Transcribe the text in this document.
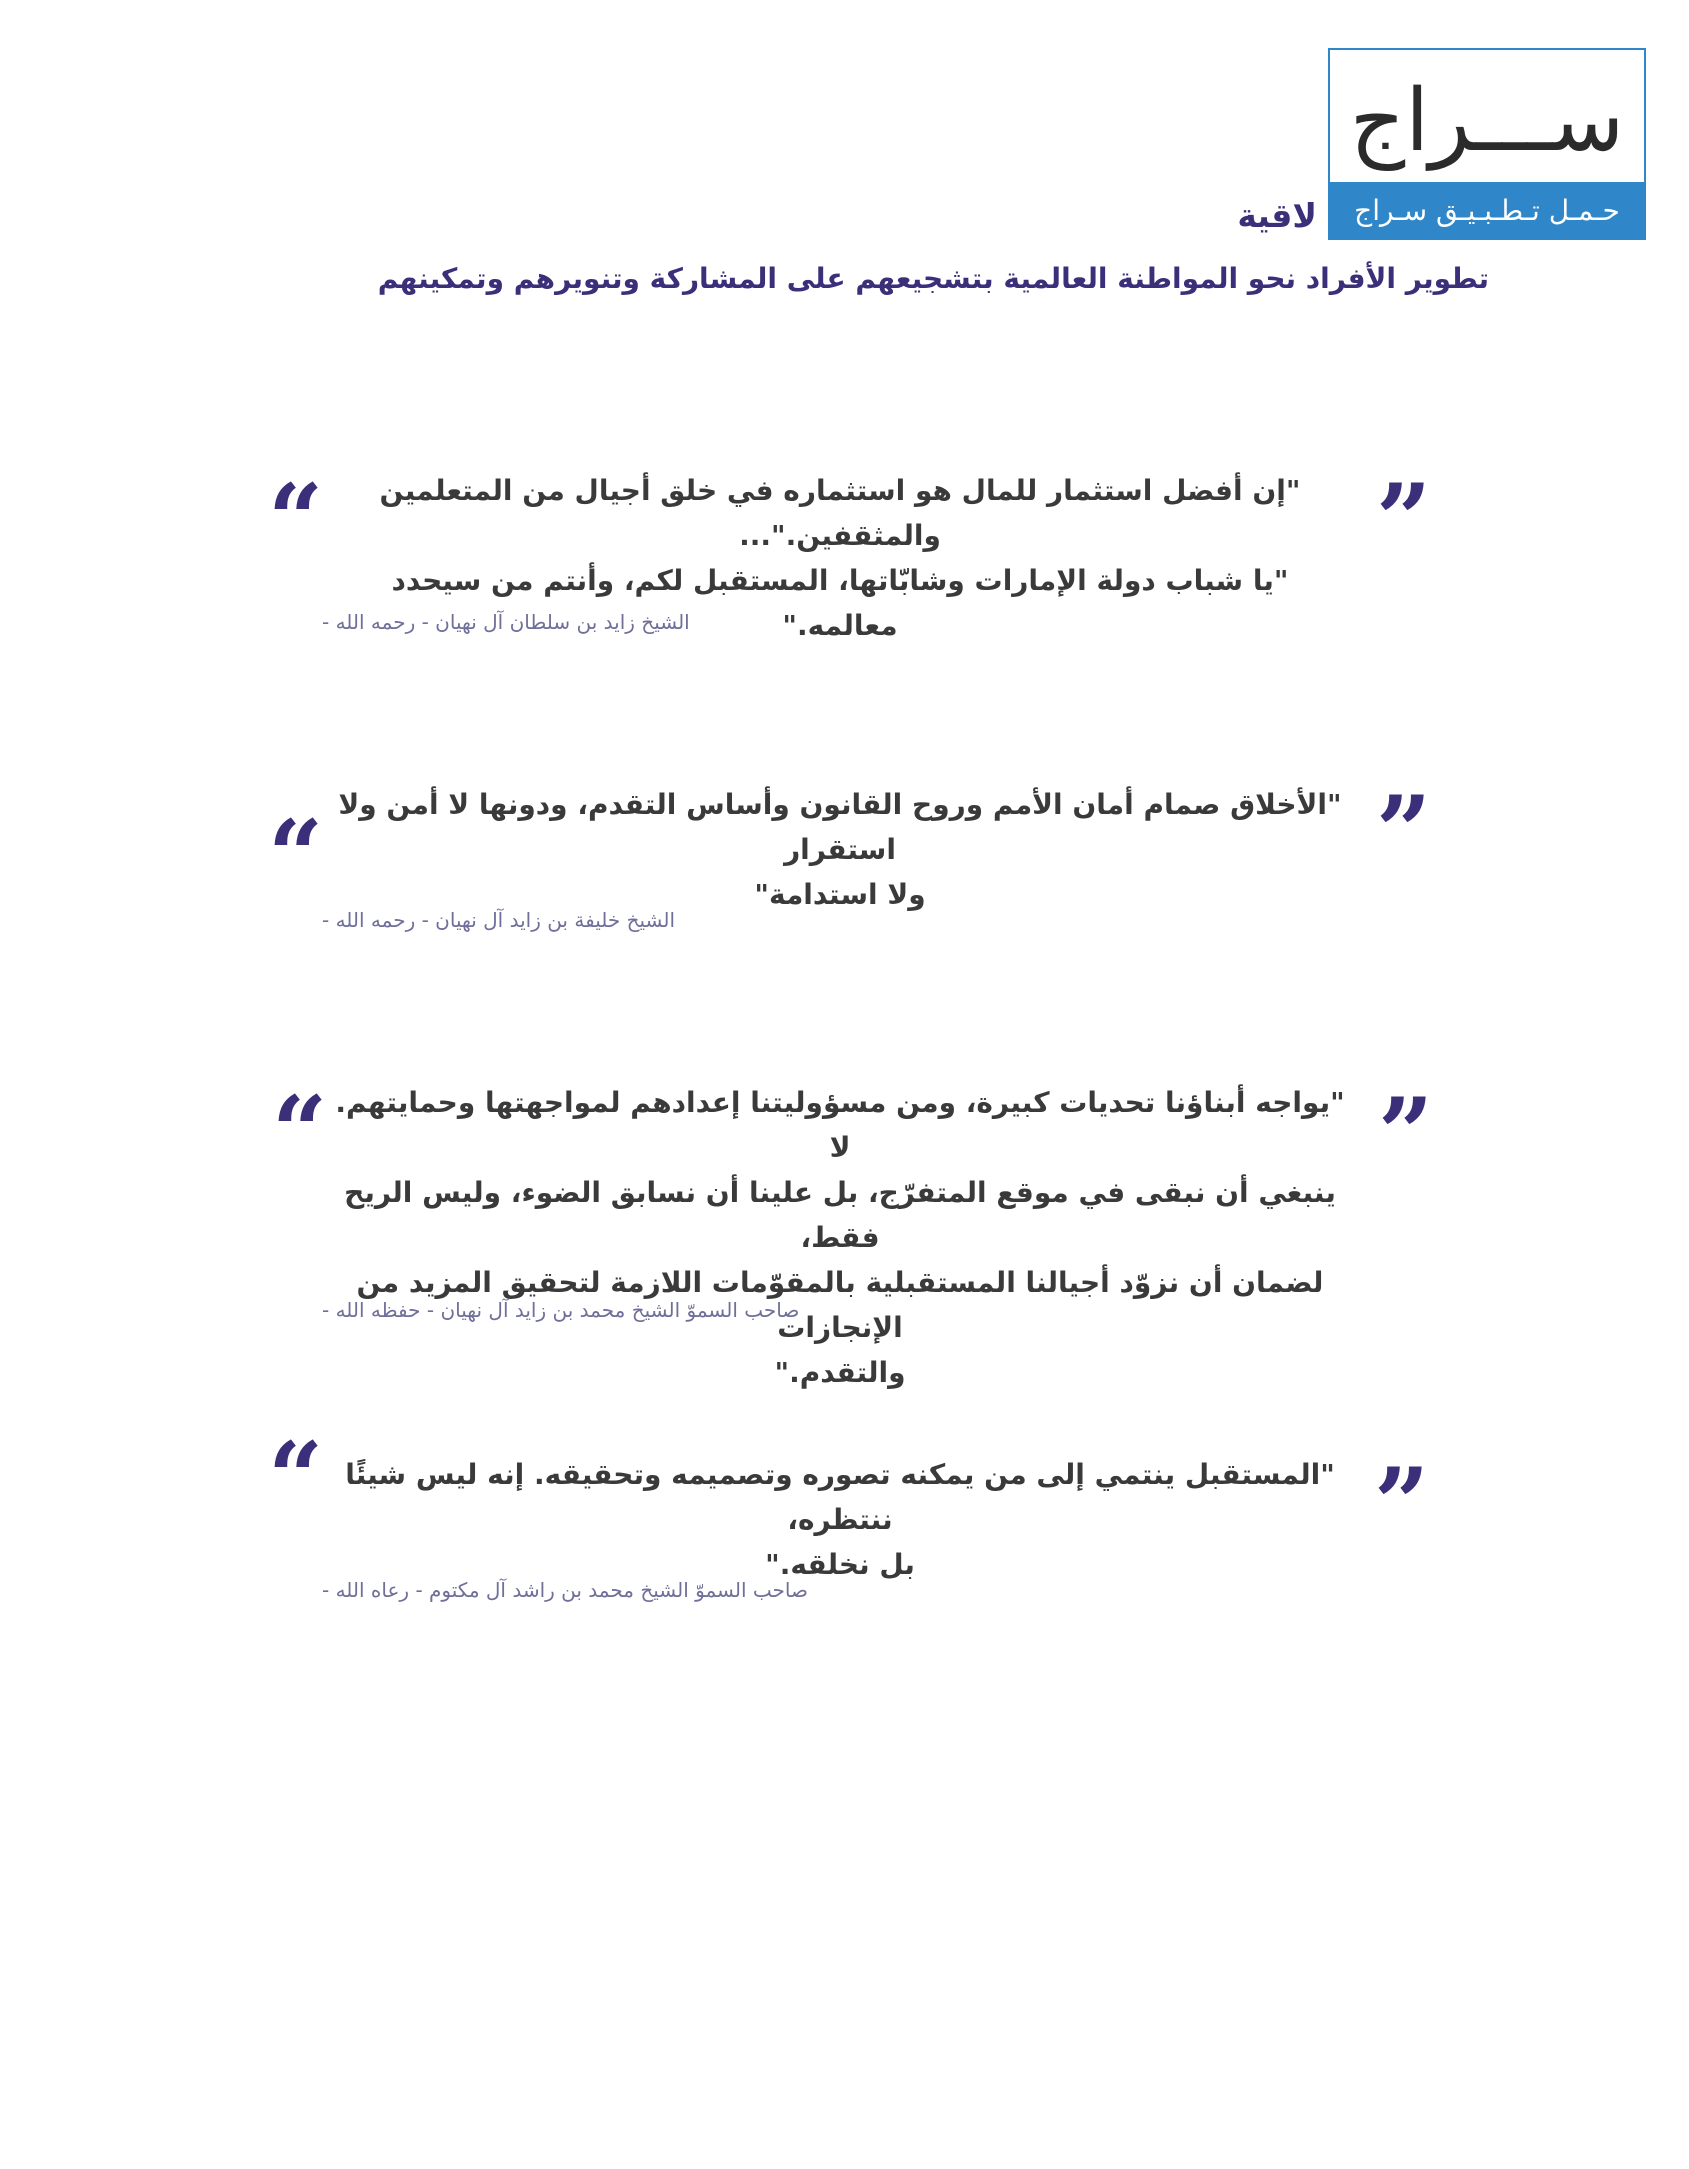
ســـراج
حـمـل تـطـبـيـق سـراج
لاقية
تطوير الأفراد نحو المواطنة العالمية بتشجيعهم على المشاركة وتنويرهم وتمكينهم
“	”
"إن أفضل استثمار للمال هو استثماره في خلق أجيال من المتعلمين والمثقفين."...
"يا شباب دولة الإمارات وشابّاتها، المستقبل لكم، وأنتم من سيحدد معالمه."
الشيخ زايد بن سلطان آل نهيان - رحمه الله -
“	”
"الأخلاق صمام أمان الأمم وروح القانون وأساس التقدم، ودونها لا أمن ولا استقرار
ولا استدامة"
الشيخ خليفة بن زايد آل نهيان - رحمه الله -
“	”
"يواجه أبناؤنا تحديات كبيرة، ومن مسؤوليتنا إعدادهم لمواجهتها وحمايتهم. لا
ينبغي أن نبقى في موقع المتفرّج، بل علينا أن نسابق الضوء، وليس الريح فقط،
لضمان أن نزوّد أجيالنا المستقبلية بالمقوّمات اللازمة لتحقيق المزيد من الإنجازات
والتقدم."
صاحب السموّ الشيخ محمد بن زايد آل نهيان - حفظه الله -
“	”
"المستقبل ينتمي إلى من يمكنه تصوره وتصميمه وتحقيقه. إنه ليس شيئًا ننتظره،
بل نخلقه."
صاحب السموّ الشيخ محمد بن راشد آل مكتوم - رعاه الله -
